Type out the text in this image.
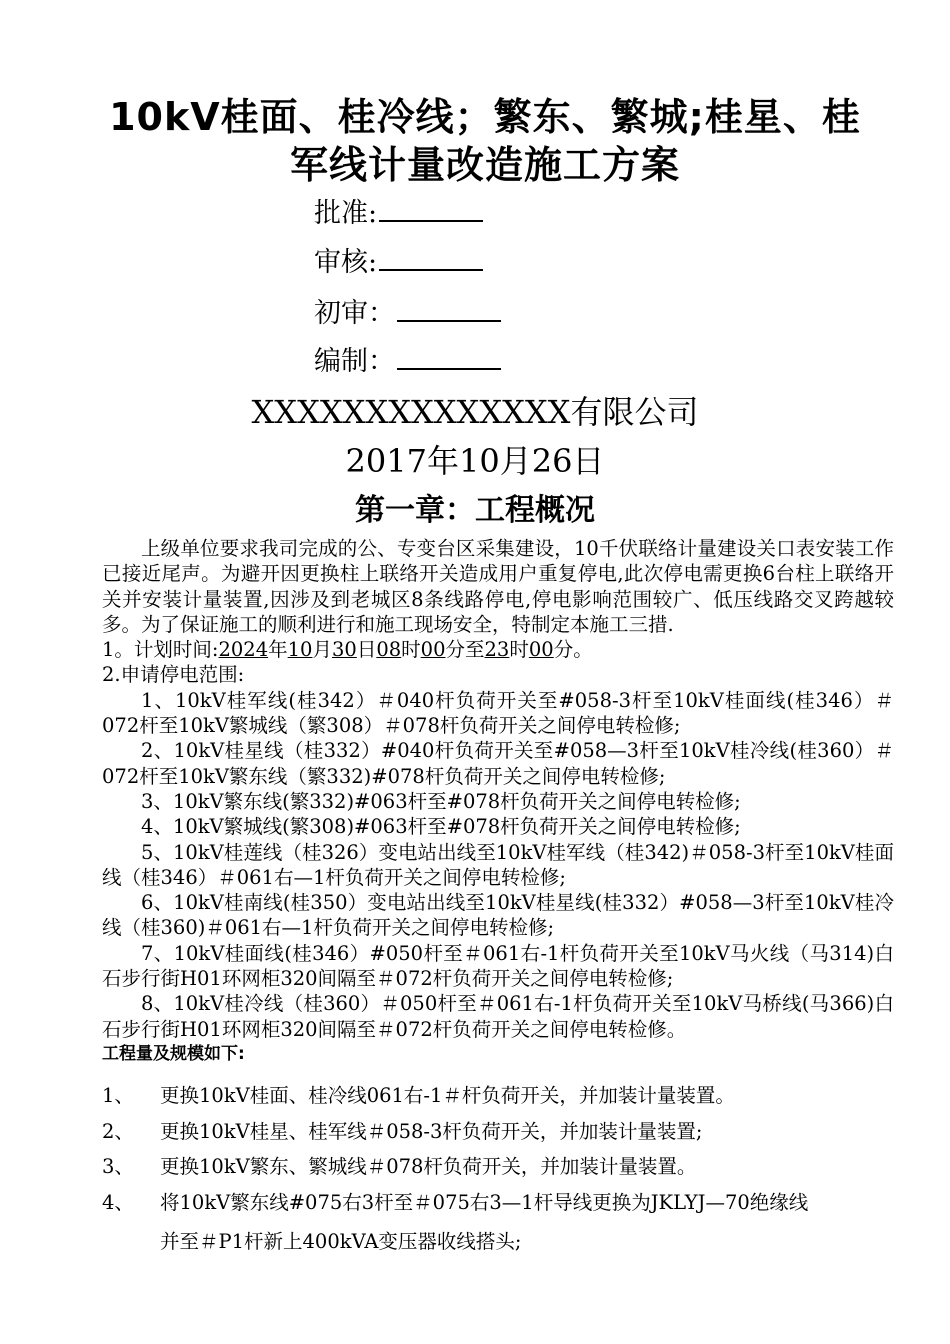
10kV桂面、桂冷线；繁东、繁城;桂星、桂
军线计量改造施工方案
批准:
审核:
初审：
编制：
XXXXXXXXXXXXXX有限公司
2017年10月26日
第一章：工程概况

上级单位要求我司完成的公、专变台区采集建设，10千伏联络计量建设关口表安装工作已接近尾声。为避开因更换柱上联络开关造成用户重复停电,此次停电需更换6台柱上联络开关并安装计量装置,因涉及到老城区8条线路停电,停电影响范围较广、低压线路交叉跨越较多。为了保证施工的顺利进行和施工现场安全，特制定本施工三措.

1。计划时间:2024年10月30日08时00分至23时00分。

2.申请停电范围:

1、10kV桂军线(桂342）＃040杆负荷开关至#058-3杆至10kV桂面线(桂346）＃072杆至10kV繁城线（繁308）＃078杆负荷开关之间停电转检修;

2、10kV桂星线（桂332）#040杆负荷开关至#058—3杆至10kV桂冷线(桂360）＃072杆至10kV繁东线（繁332)#078杆负荷开关之间停电转检修;

3、10kV繁东线(繁332)#063杆至#078杆负荷开关之间停电转检修;

4、10kV繁城线(繁308)#063杆至#078杆负荷开关之间停电转检修;

5、10kV桂莲线（桂326）变电站出线至10kV桂军线（桂342)＃058-3杆至10kV桂面线（桂346）＃061右—1杆负荷开关之间停电转检修;

6、10kV桂南线(桂350）变电站出线至10kV桂星线(桂332）#058—3杆至10kV桂冷线（桂360)＃061右—1杆负荷开关之间停电转检修;

7、10kV桂面线(桂346）#050杆至＃061右-1杆负荷开关至10kV马火线（马314)白石步行街H01环网柜320间隔至＃072杆负荷开关之间停电转检修;

8、10kV桂冷线（桂360）＃050杆至＃061右-1杆负荷开关至10kV马桥线(马366)白石步行街H01环网柜320间隔至＃072杆负荷开关之间停电转检修。

工程量及规模如下:

1、 更换10kV桂面、桂冷线061右-1＃杆负荷开关，并加装计量装置。
2、 更换10kV桂星、桂军线＃058-3杆负荷开关，并加装计量装置;
3、 更换10kV繁东、繁城线＃078杆负荷开关，并加装计量装置。
4、 将10kV繁东线#075右3杆至＃075右3—1杆导线更换为JKLYJ—70绝缘线
并至＃P1杆新上400kVA变压器收线搭头;
